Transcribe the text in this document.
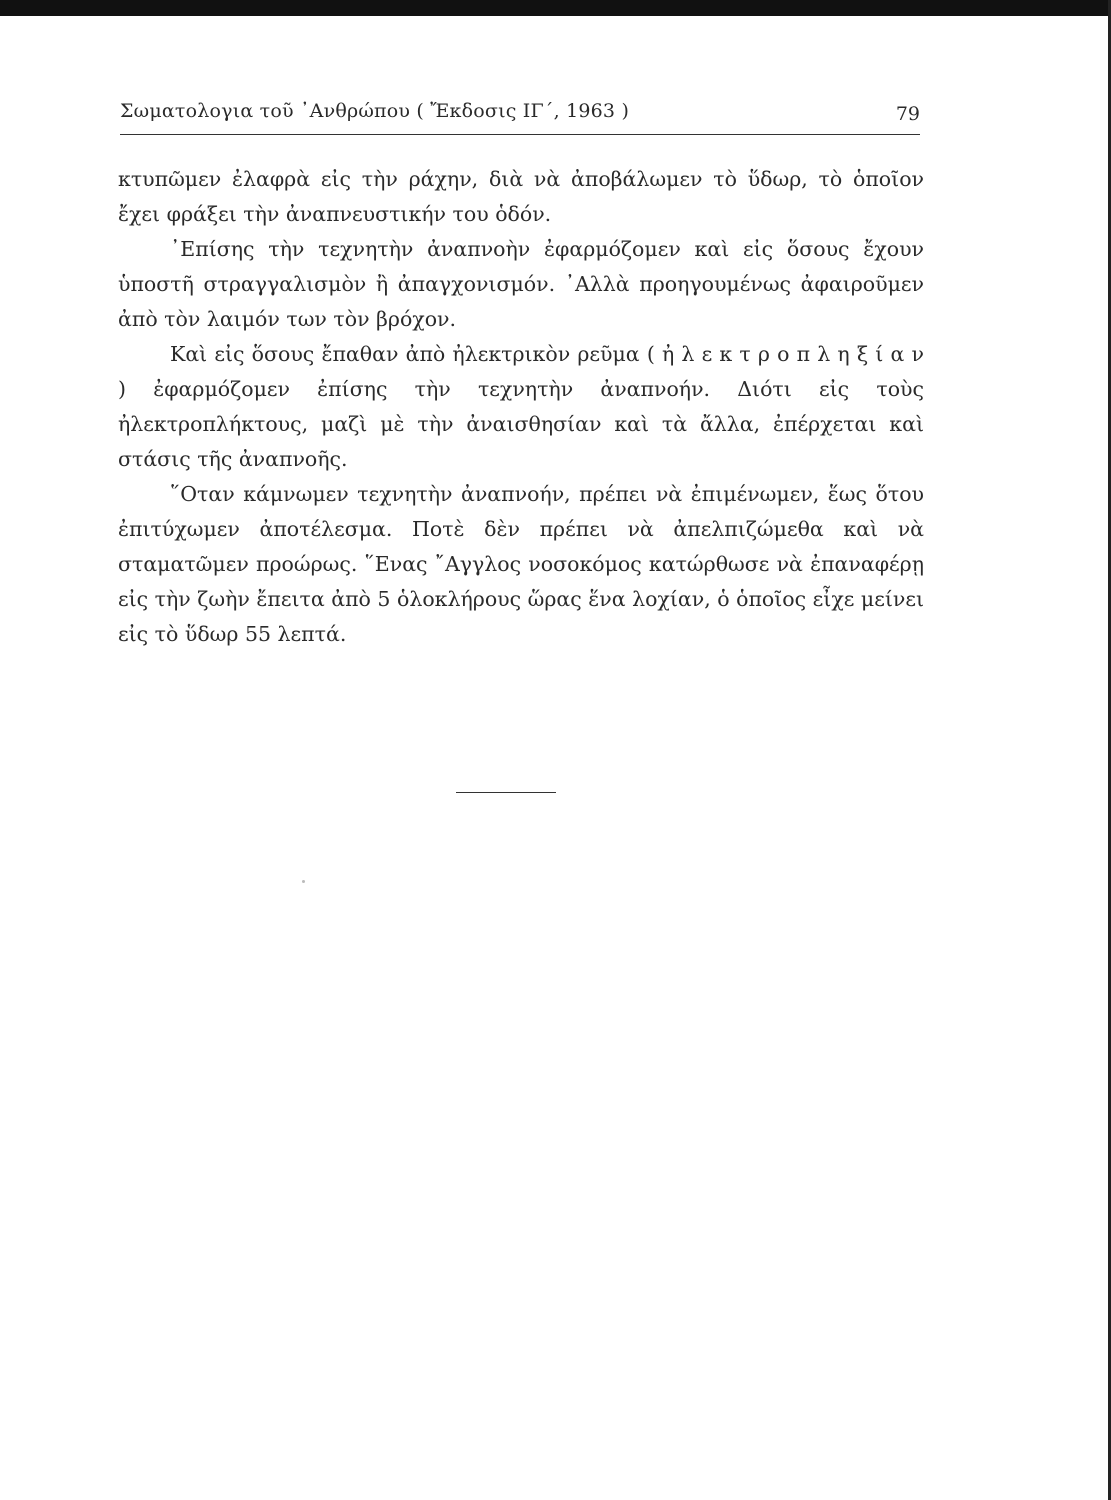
Σωματολογια τοῦ ᾽Ανθρώπου ( Ἔκδοσις ΙΓ΄, 1963 )	79

κτυπῶμεν ἐλαφρὰ εἰς τὴν ράχην, διὰ νὰ ἀποβάλωμεν τὸ ὕδωρ, τὸ ὁποῖον ἔχει φράξει τὴν ἀναπνευστικήν του ὁδόν.

᾽Επίσης τὴν τεχνητὴν ἀναπνοὴν ἐφαρμόζομεν καὶ εἰς ὅσους ἔχουν ὑποστῆ στραγγαλισμὸν ἢ ἀπαγχονισμόν. ᾽Αλλὰ προηγουμένως ἀφαιροῦμεν ἀπὸ τὸν λαιμόν των τὸν βρόχον.

Καὶ εἰς ὅσους ἔπαθαν ἀπὸ ἠλεκτρικὸν ρεῦμα ( ἠ λ ε κ τ ρ ο π λ η ξ ί α ν ) ἐφαρμόζομεν ἐπίσης τὴν τεχνητὴν ἀναπνοήν. Διότι εἰς τοὺς ἠλεκτροπλήκτους, μαζὶ μὲ τὴν ἀναισθησίαν καὶ τὰ ἄλλα, ἐπέρχεται καὶ στάσις τῆς ἀναπνοῆς.

῞Οταν κάμνωμεν τεχνητὴν ἀναπνοήν, πρέπει νὰ ἐπιμένωμεν, ἕως ὅτου ἐπιτύχωμεν ἀποτέλεσμα. Ποτὲ δὲν πρέπει νὰ ἀπελπιζώμεθα καὶ νὰ σταματῶμεν προώρως. ῞Ενας ῎Αγγλος νοσοκόμος κατώρθωσε νὰ ἐπαναφέρῃ εἰς τὴν ζωὴν ἔπειτα ἀπὸ 5 ὁλοκλήρους ὥρας ἕνα λοχίαν, ὁ ὁποῖος εἶχε μείνει εἰς τὸ ὕδωρ 55 λεπτά.
